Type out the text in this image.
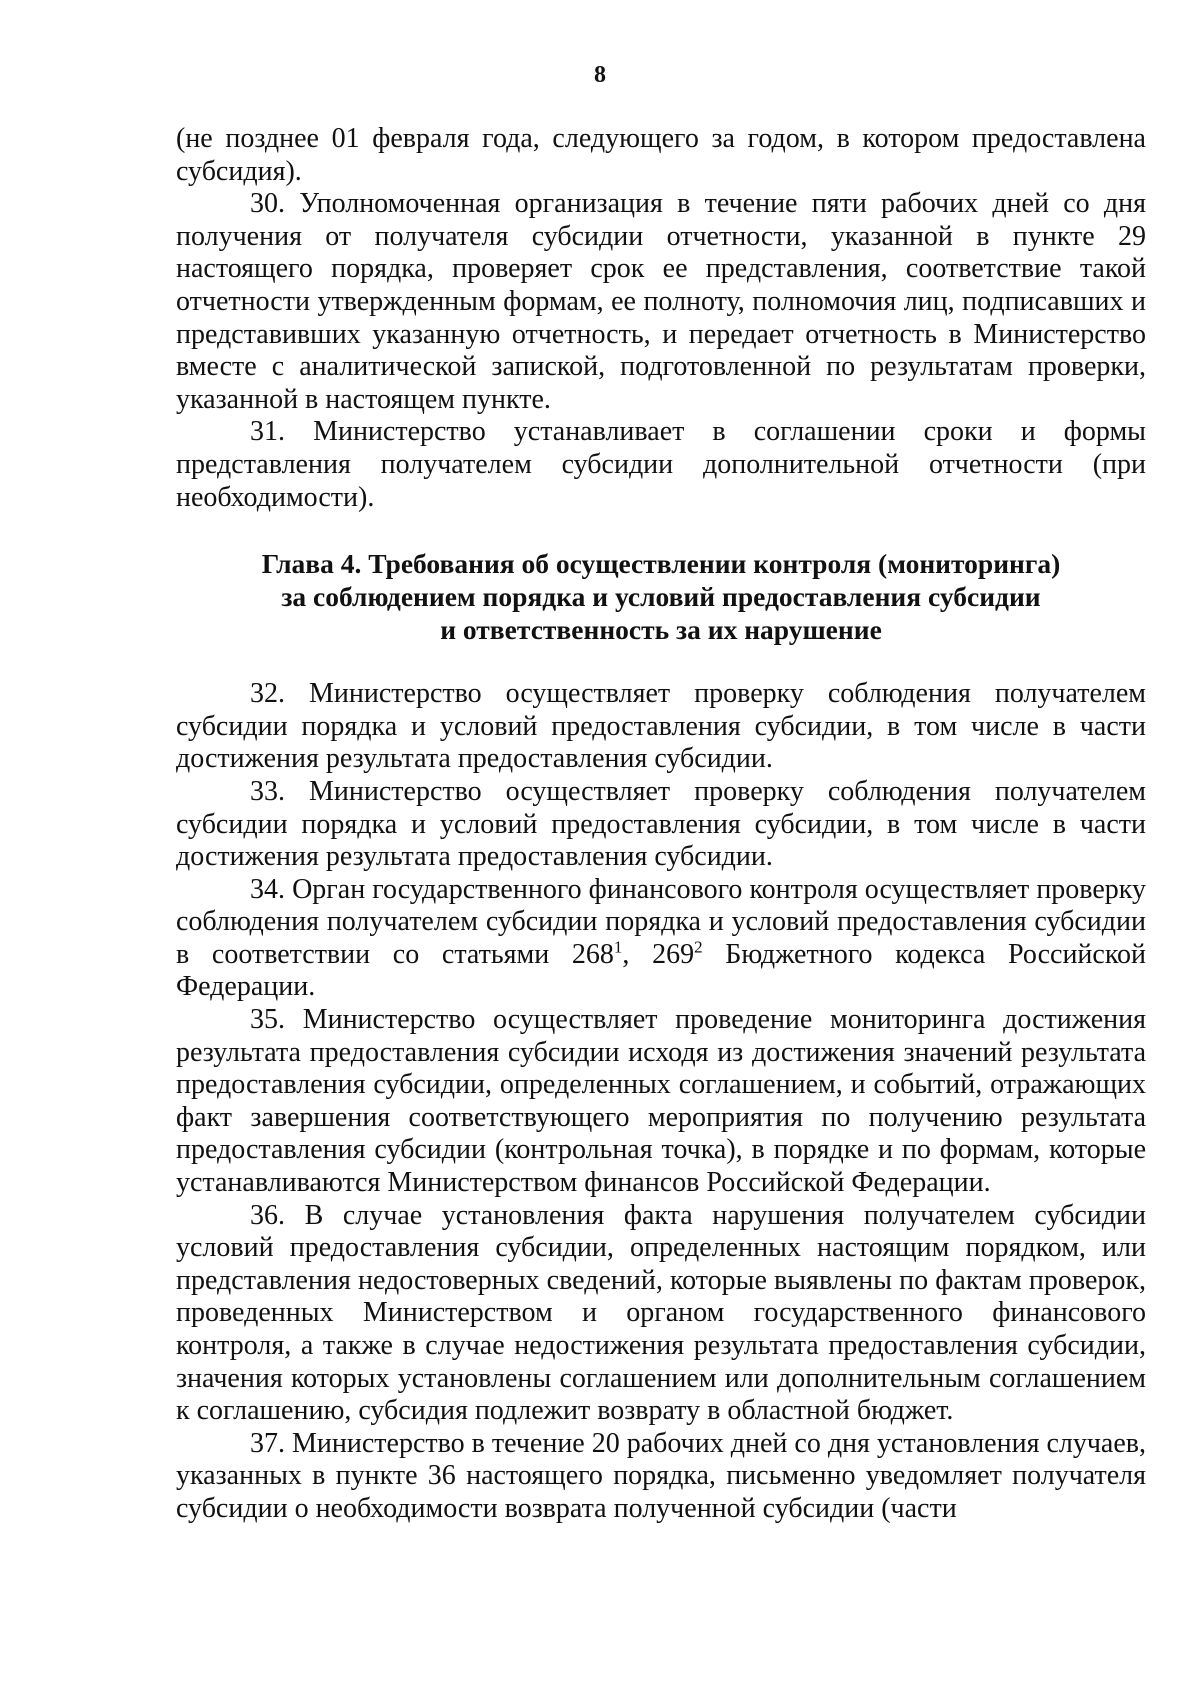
8

(не позднее 01 февраля года, следующего за годом, в котором предоставлена субсидия).

30. Уполномоченная организация в течение пяти рабочих дней со дня получения от получателя субсидии отчетности, указанной в пункте 29 настоящего порядка, проверяет срок ее представления, соответствие такой отчетности утвержденным формам, ее полноту, полномочия лиц, подписавших и представивших указанную отчетность, и передает отчетность в Министерство вместе с аналитической запиской, подготовленной по результатам проверки, указанной в настоящем пункте.

31. Министерство устанавливает в соглашении сроки и формы представления получателем субсидии дополнительной отчетности (при необходимости).

Глава 4. Требования об осуществлении контроля (мониторинга)
за соблюдением порядка и условий предоставления субсидии
и ответственность за их нарушение

32. Министерство осуществляет проверку соблюдения получателем субсидии порядка и условий предоставления субсидии, в том числе в части достижения результата предоставления субсидии.

33. Министерство осуществляет проверку соблюдения получателем субсидии порядка и условий предоставления субсидии, в том числе в части достижения результата предоставления субсидии.

34. Орган государственного финансового контроля осуществляет проверку соблюдения получателем субсидии порядка и условий предоставления субсидии в соответствии со статьями $268^1$, $269^2$ Бюджетного кодекса Российской Федерации.

35. Министерство осуществляет проведение мониторинга достижения результата предоставления субсидии исходя из достижения значений результата предоставления субсидии, определенных соглашением, и событий, отражающих факт завершения соответствующего мероприятия по получению результата предоставления субсидии (контрольная точка), в порядке и по формам, которые устанавливаются Министерством финансов Российской Федерации.

36. В случае установления факта нарушения получателем субсидии условий предоставления субсидии, определенных настоящим порядком, или представления недостоверных сведений, которые выявлены по фактам проверок, проведенных Министерством и органом государственного финансового контроля, а также в случае недостижения результата предоставления субсидии, значения которых установлены соглашением или дополнительным соглашением к соглашению, субсидия подлежит возврату в областной бюджет.

37. Министерство в течение 20 рабочих дней со дня установления случаев, указанных в пункте 36 настоящего порядка, письменно уведомляет получателя субсидии о необходимости возврата полученной субсидии (части
